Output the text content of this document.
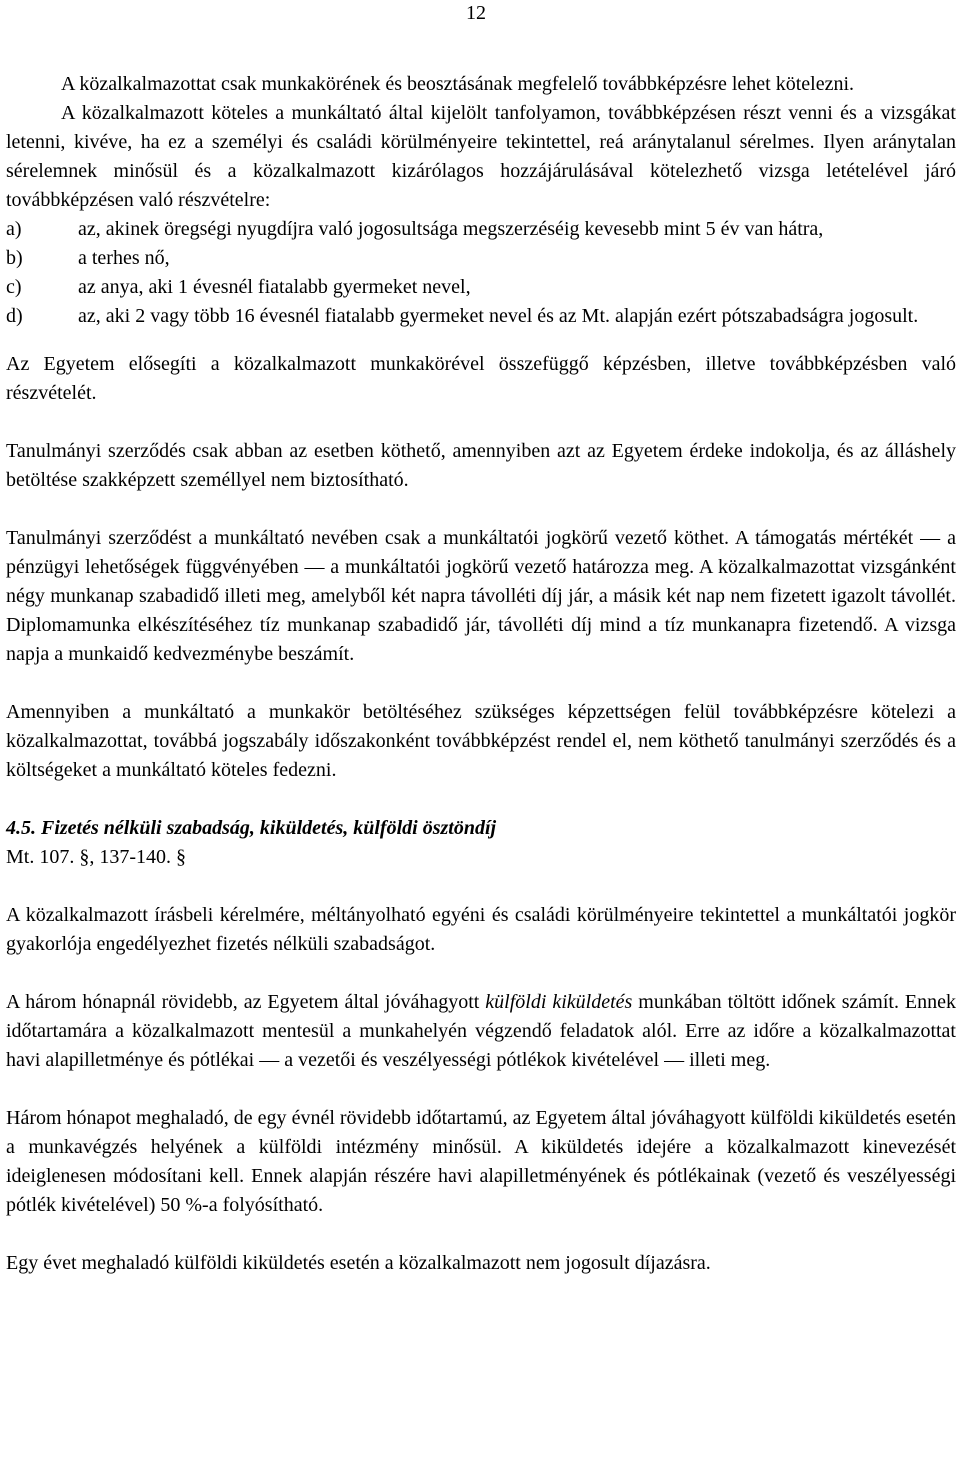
12

A közalkalmazottat csak munkakörének és beosztásának megfelelő továbbképzésre lehet kötelezni.

A közalkalmazott köteles a munkáltató által kijelölt tanfolyamon, továbbképzésen részt venni és a vizsgákat letenni, kivéve, ha ez a személyi és családi körülményeire tekintettel, reá aránytalanul sérelmes. Ilyen aránytalan sérelemnek minősül és a közalkalmazott kizárólagos hozzájárulásával kötelezhető vizsga letételével járó továbbképzésen való részvételre:

a)	az, akinek öregségi nyugdíjra való jogosultsága megszerzéséig kevesebb mint 5 év van hátra,
b)	a terhes nő,
c)	az anya, aki 1 évesnél fiatalabb gyermeket nevel,
d)	az, aki 2 vagy több 16 évesnél fiatalabb gyermeket nevel és az Mt. alapján ezért pótszabadságra jogosult.

Az Egyetem elősegíti a közalkalmazott munkakörével összefüggő képzésben, illetve továbbképzésben való részvételét.

Tanulmányi szerződés csak abban az esetben köthető, amennyiben azt az Egyetem érdeke indokolja, és az álláshely betöltése szakképzett személlyel nem biztosítható.

Tanulmányi szerződést a munkáltató nevében csak a munkáltatói jogkörű vezető köthet. A támogatás mértékét — a pénzügyi lehetőségek függvényében — a munkáltatói jogkörű vezető határozza meg. A közalkalmazottat vizsgánként négy munkanap szabadidő illeti meg, amelyből két napra távolléti díj jár, a másik két nap nem fizetett igazolt távollét. Diplomamunka elkészítéséhez tíz munkanap szabadidő jár, távolléti díj mind a tíz munkanapra fizetendő. A vizsga napja a munkaidő kedvezménybe beszámít.

Amennyiben a munkáltató a munkakör betöltéséhez szükséges képzettségen felül továbbképzésre kötelezi a közalkalmazottat, továbbá jogszabály időszakonként továbbképzést rendel el, nem köthető tanulmányi szerződés és a költségeket a munkáltató köteles fedezni.

4.5. Fizetés nélküli szabadság, kiküldetés, külföldi ösztöndíj

Mt. 107. §, 137-140. §

A közalkalmazott írásbeli kérelmére, méltányolható egyéni és családi körülményeire tekintettel a munkáltatói jogkör gyakorlója engedélyezhet fizetés nélküli szabadságot.

A három hónapnál rövidebb, az Egyetem által jóváhagyott külföldi kiküldetés munkában töltött időnek számít. Ennek időtartamára a közalkalmazott mentesül a munkahelyén végzendő feladatok alól. Erre az időre a közalkalmazottat havi alapilletménye és pótlékai — a vezetői és veszélyességi pótlékok kivételével — illeti meg.

Három hónapot meghaladó, de egy évnél rövidebb időtartamú, az Egyetem által jóváhagyott külföldi kiküldetés esetén a munkavégzés helyének a külföldi intézmény minősül. A kiküldetés idejére a közalkalmazott kinevezését ideiglenesen módosítani kell. Ennek alapján részére havi alapilletményének és pótlékainak (vezető és veszélyességi pótlék kivételével) 50 %-a folyósítható.

Egy évet meghaladó külföldi kiküldetés esetén a közalkalmazott nem jogosult díjazásra.
